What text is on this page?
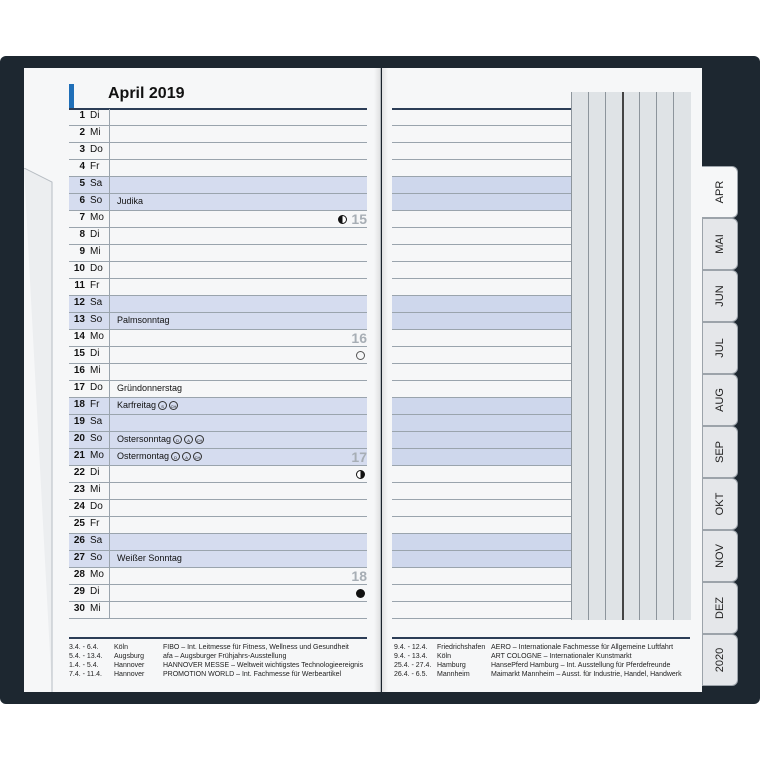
April 2019
1 Di
2 Mi
3 Do
4 Fr
5 Sa
6 So Judika
7 Mo	15
8 Di
9 Mi
10 Do
11 Fr
12 Sa
13 So Palmsonntag
14 Mo	16
15 Di
16 Mi
17 Do Gründonnerstag
18 Fr Karfreitag S CH
19 Sa
20 So Ostersonntag D A CH
21 Mo Ostermontag D A CH	17
22 Di
23 Mi
24 Do
25 Fr
26 Sa
27 So Weißer Sonntag
28 Mo	18
29 Di
30 Mi
APR
MAI
JUN
JUL
AUG
SEP
OKT
NOV
DEZ
2020
3.4. - 6.4. Köln	FIBO – Int. Leitmesse für Fitness, Wellness und Gesundheit
5.4. - 13.4. Augsburg	afa – Augsburger Frühjahrs-Ausstellung
1.4. - 5.4. Hannover	HANNOVER MESSE – Weltweit wichtigstes Technologieereignis
7.4. - 11.4. Hannover	PROMOTION WORLD – Int. Fachmesse für Werbeartikel
9.4. - 12.4. Friedrichshafen AERO – Internationale Fachmesse für Allgemeine Luftfahrt
9.4. - 13.4. Köln	ART COLOGNE – Internationaler Kunstmarkt
25.4. - 27.4. Hamburg	HansePferd Hamburg – Int. Ausstellung für Pferdefreunde
26.4. - 6.5. Mannheim	Maimarkt Mannheim – Ausst. für Industrie, Handel, Handwerk
